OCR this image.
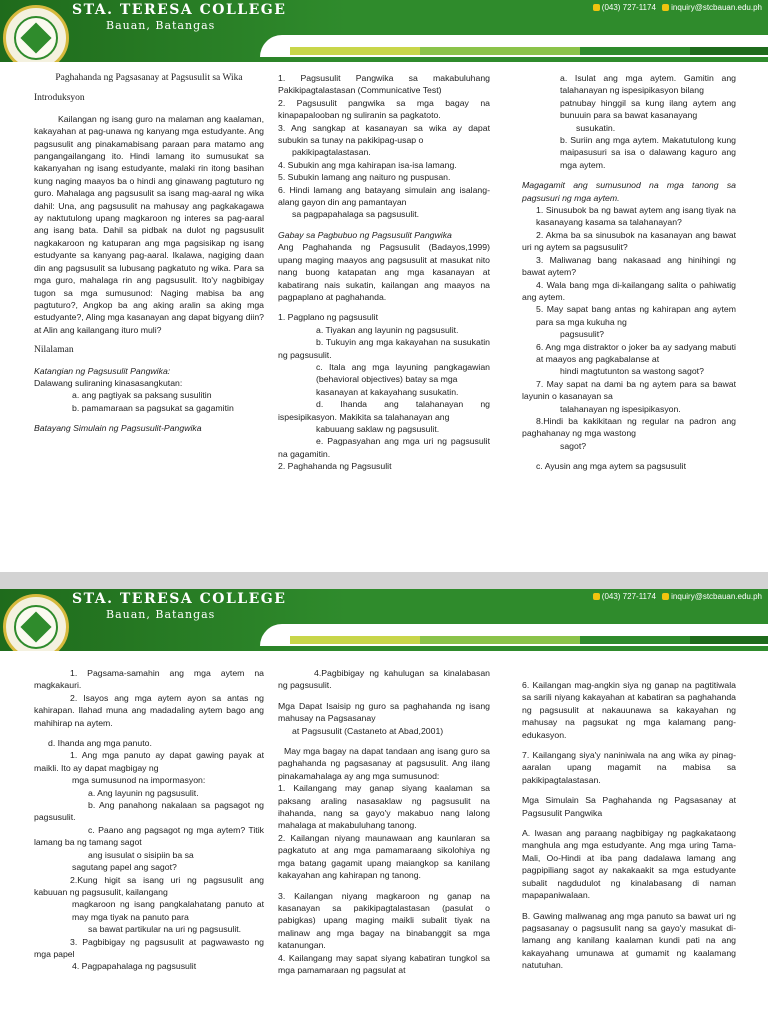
STA. TERESA COLLEGE
Bauan, Batangas
(043) 727-1174 inquiry@stcbauan.edu.ph

Paghahanda ng Pagsasanay at Pagsusulit sa Wika

Introduksyon

Kailangan ng isang guro na malaman ang kaalaman, kakayahan at pag-unawa ng kanyang mga estudyante. Ang pagsusulit ang pinakamabisang paraan para matamo ang pangangailangang ito. Hindi lamang ito sumusukat sa kakanyahan ng isang estudyante, malaki rin itong basihan kung naging maayos ba o hindi ang ginawang pagtuturo ng guro. Mahalaga ang pagsusulit sa isang mag-aaral ng wika dahil: Una, ang pagsusulit na mahusay ang pagkakagawa ay naktutulong upang magkaroon ng interes sa pag-aaral ang isang bata. Dahil sa pidbak na dulot ng pagsusulit nagkakaroon ng katuparan ang mga pagsisikap ng isang estudyante sa kanyang pag-aaral. Ikalawa, nagiging daan din ang pagsusulit sa lubusang pagkatuto ng wika. Para sa mga guro, mahalaga rin ang pagsusulit. Ito'y nagbibigay tugon sa mga sumusunod: Naging mabisa ba ang pagtuturo?, Angkop ba ang aking aralin sa aking mga estudyante?, Aling mga kasanayan ang dapat bigyang diin? at Alin ang kailangang ituro muli?

Nilalaman

Katangian ng Pagsusulit Pangwika:

Dalawang suliraning kinasasangkutan:

a. ang pagtiyak sa paksang susulitin

b. pamamaraan sa pagsukat sa gagamitin

Batayang Simulain ng Pagsusulit-Pangwika

1. Pagsusulit Pangwika sa makabuluhang Pakikipagtalastasan (Communicative Test)

2. Pagsusulit pangwika sa mga bagay na kinapapalooban ng suliranin sa pagkatoto.

3. Ang sangkap at kasanayan sa wika ay dapat subukin sa tunay na pakikipag-usap o

pakikipagtalastasan.

4. Subukin ang mga kahirapan isa-isa lamang.

5. Subukin lamang ang naituro ng puspusan.

6. Hindi lamang ang batayang simulain ang isalang-alang gayon din ang pamantayan

sa pagpapahalaga sa pagsusulit.

Gabay sa Pagbubuo ng Pagsusulit Pangwika

Ang Paghahanda ng Pagsusulit (Badayos,1999) upang maging maayos ang pagsusulit at masukat nito nang buong katapatan ang mga kasanayan at kabatirang nais sukatin, kailangan ang maayos na pagpaplano at paghahanda.

1. Pagplano ng pagsusulit

a. Tiyakan ang layunin ng pagsusulit.

b. Tukuyin ang mga kakayahan na susukatin ng pagsusulit.

c. Itala ang mga layuning pangkagawian (behavioral objectives) batay sa mga

kasanayan at kakayahang susukatin.

d. Ihanda ang talahanayan ng ispesipikasyon. Makikita sa talahanayan ang

kabuuang saklaw ng pagsusulit.

e. Pagpasyahan ang mga uri ng pagsusulit na gagamitin.

2. Paghahanda ng Pagsusulit

a. Isulat ang mga aytem. Gamitin ang talahanayan ng ispesipikasyon bilang

patnubay hinggil sa kung ilang aytem ang bunuuin para sa bawat kasanayang

susukatin.

b. Suriin ang mga aytem. Makatutulong kung maipasusuri sa isa o dalawang kaguro ang mga aytem.

Magagamit ang sumusunod na mga tanong sa pagsusuri ng mga aytem.

1. Sinusubok ba ng bawat aytem ang isang tiyak na kasanayang kasama sa talahanayan?

2. Akma ba sa sinusubok na kasanayan ang bawat uri ng aytem sa pagsusulit?

3. Maliwanag bang nakasaad ang hinihingi ng bawat aytem?

4. Wala bang mga di-kailangang salita o pahiwatig ang aytem.

5. May sapat bang antas ng kahirapan ang aytem para sa mga kukuha ng

pagsusulit?

6. Ang mga distraktor o joker ba ay sadyang mabuti at maayos ang pagkabalanse at

hindi magtutunton sa wastong sagot?

7. May sapat na dami ba ng aytem para sa bawat layunin o kasanayan sa

talahanayan ng ispesipikasyon.

8.Hindi ba kakikitaan ng regular na padron ang paghahanay ng mga wastong

sagot?

c. Ayusin ang mga aytem sa pagsusulit

STA. TERESA COLLEGE
Bauan, Batangas
(043) 727-1174 inquiry@stcbauan.edu.ph

1. Pagsama-samahin ang mga aytem na magkakauri.

2. Isayos ang mga aytem ayon sa antas ng kahirapan. Ilahad muna ang madadaling aytem bago ang mahihirap na aytem.

d. Ihanda ang mga panuto.

1. Ang mga panuto ay dapat gawing payak at maikli. Ito ay dapat magbigay ng

mga sumusunod na impormasyon:

a. Ang layunin ng pagsusulit.

b. Ang panahong nakalaan sa pagsagot ng pagsusulit.

c. Paano ang pagsagot ng mga aytem? Titik lamang ba ng tamang sagot

ang isusulat o sisipiin ba sa

sagutang papel ang sagot?

2.Kung higit sa isang uri ng pagsusulit ang kabuuan ng pagsusulit, kailangang

magkaroon ng isang pangkalahatang panuto at may mga tiyak na panuto para

sa bawat partikular na uri ng pagsusulit.

3. Pagbibigay ng pagsusulit at pagwawasto ng mga papel

4. Pagpapahalaga ng pagsusulit

4.Pagbibigay ng kahulugan sa kinalabasan ng pagsusulit.

Mga Dapat Isaisip ng guro sa paghahanda ng isang mahusay na Pagsasanay

at Pagsusulit (Castaneto at Abad,2001)

May mga bagay na dapat tandaan ang isang guro sa paghahanda ng pagsasanay at pagsusulit. Ang ilang pinakamahalaga ay ang mga sumusunod:

1. Kailangang may ganap siyang kaalaman sa paksang araling nasasaklaw ng pagsusulit na ihahanda, nang sa gayo'y makabuo nang lalong mahalaga at makabuluhang tanong.

2. Kailangan niyang maunawaan ang kaunlaran sa pagkatuto at ang mga pamamaraang sikolohiya ng mga batang gagamit upang maiangkop sa kanilang kakayahan ang kahirapan ng tanong.

3. Kailangan niyang magkaroon ng ganap na kasanayan sa pakikipagtalastasan (pasulat o pabigkas) upang maging maikli subalit tiyak na malinaw ang mga bagay na binabanggit sa mga katanungan.

4. Kailangang may sapat siyang kabatiran tungkol sa mga pamamaraan ng pagsulat at

6. Kailangan mag-angkin siya ng ganap na pagtitiwala sa sarili niyang kakayahan at kabatiran sa paghahanda ng pagsusulit at nakauunawa sa kakayahan ng mahusay na pagsukat ng mga kalamang pang-edukasyon.

7. Kailangang siya'y naniniwala na ang wika ay pinag-aaralan upang magamit na mabisa sa pakikipagtalastasan.

Mga Simulain Sa Paghahanda ng Pagsasanay at Pagsusulit Pangwika

A. Iwasan ang paraang nagbibigay ng pagkakataong manghula ang mga estudyante. Ang mga uring Tama-Mali, Oo-Hindi at iba pang dadalawa lamang ang pagpipiliang sagot ay nakakaakit sa mga estudyante subalit nagdudulot ng kinalabasang di naman mapapaniwalaan.

B. Gawing maliwanag ang mga panuto sa bawat uri ng pagsasanay o pagsusulit nang sa gayo'y masukat di-lamang ang kanilang kaalaman kundi pati na ang kakayahang umunawa at gumamit ng kaalamang natutuhan.
